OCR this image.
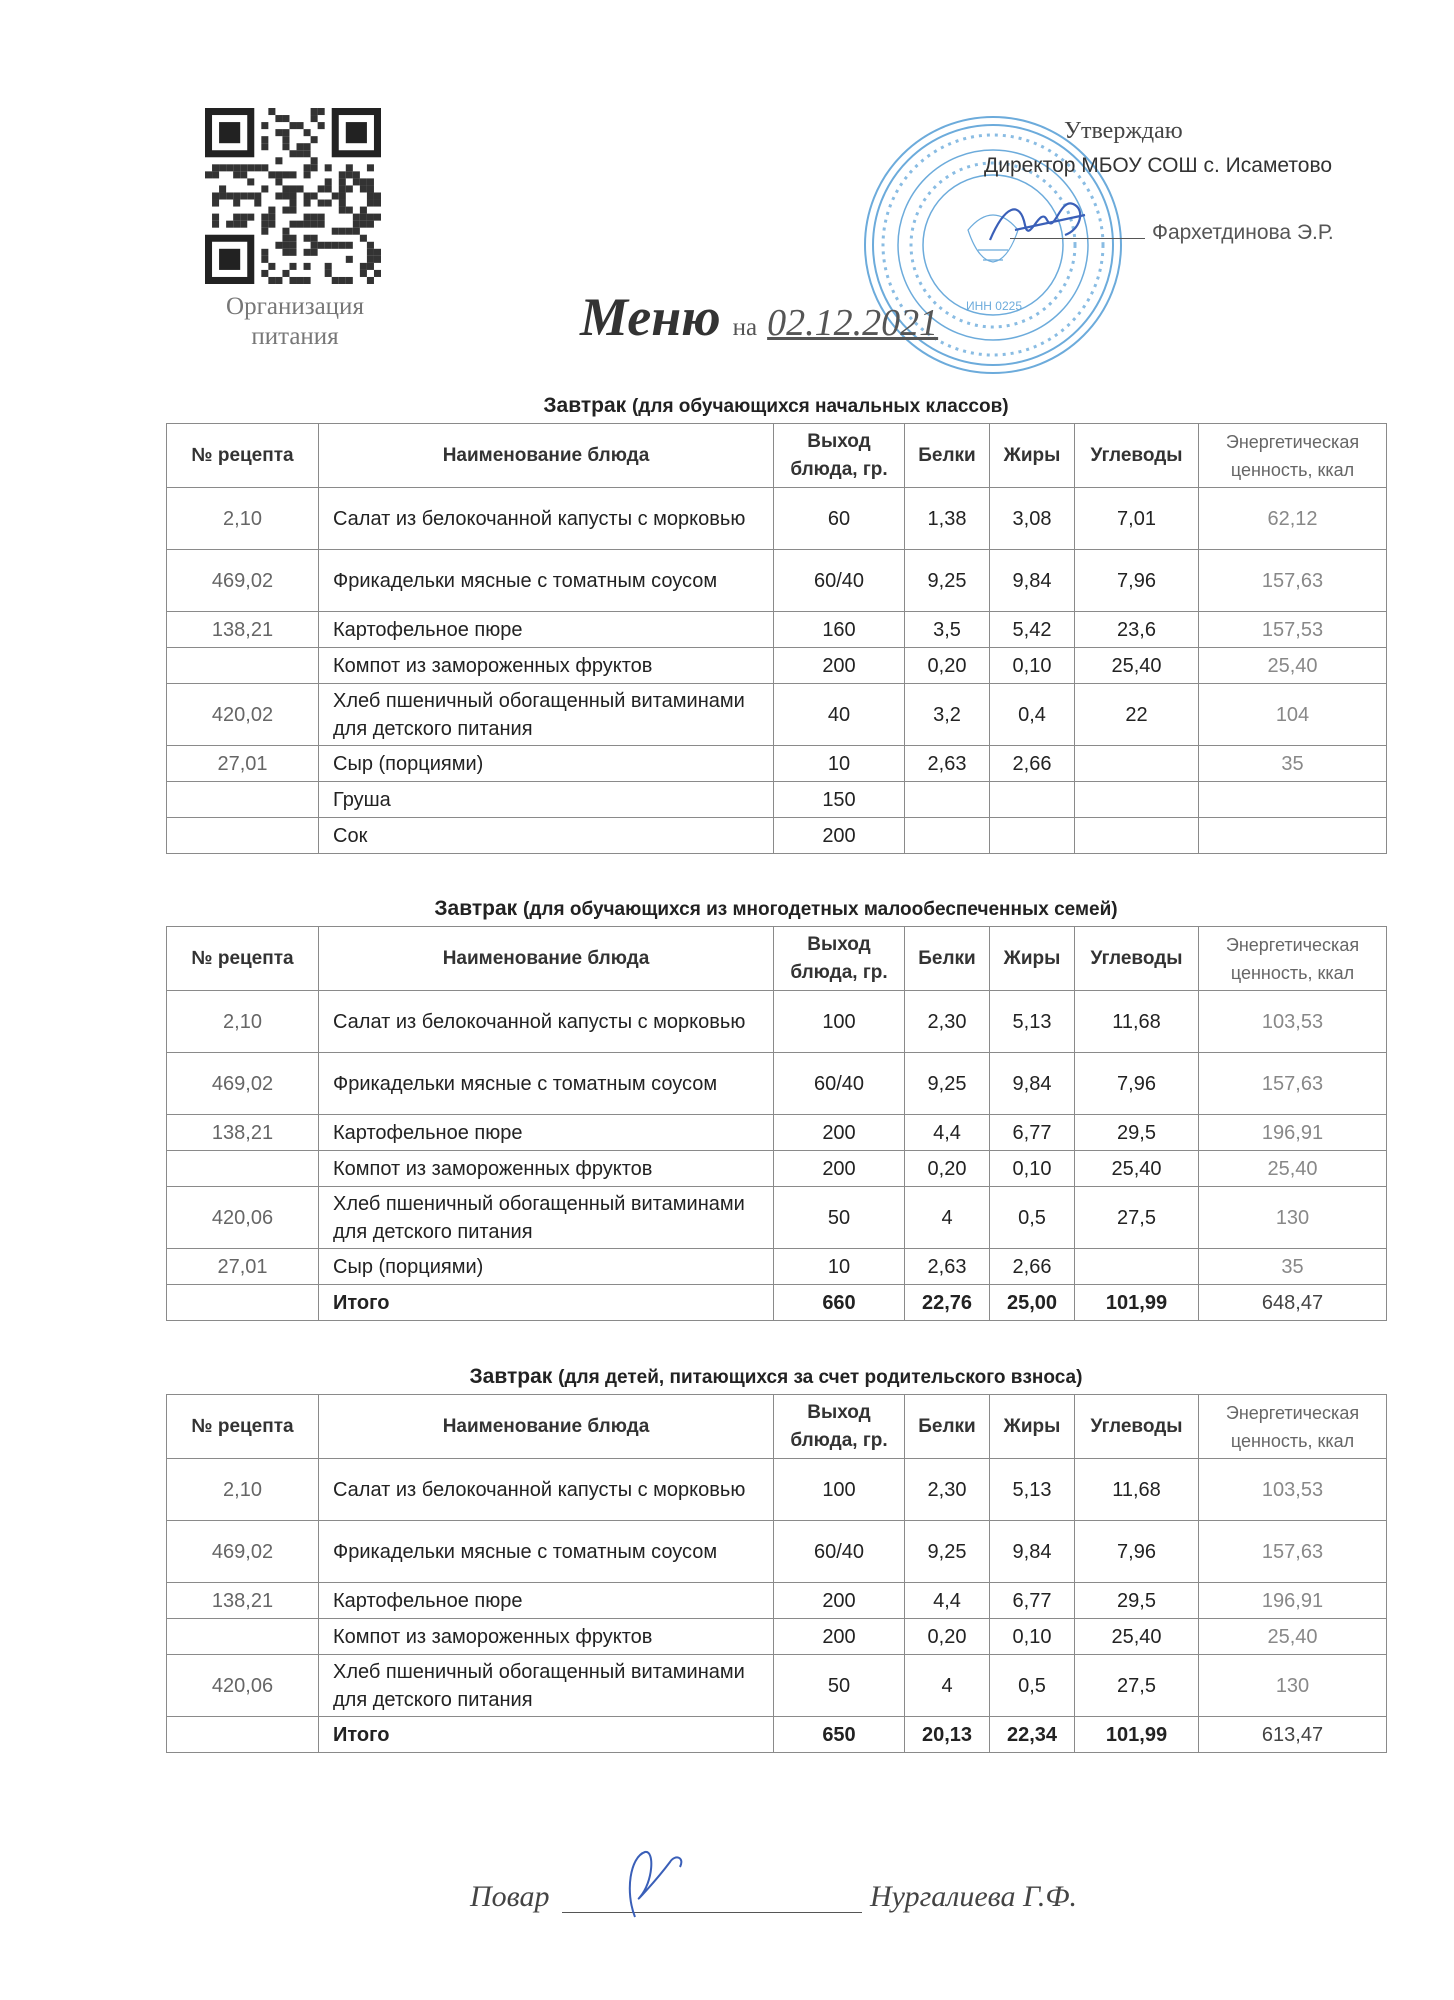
Организация
питания
ИНН 0225
Утверждаю
Директор МБОУ СОШ с. Исаметово
Фархетдинова Э.Р.
Меню на 02.12.2021
Завтрак (для обучающихся начальных классов)
№ рецепта	Наименование блюда	Выход блюда, гр.	Белки	Жиры	Углеводы	Энергетическая ценность, ккал
2,10	Салат из белокочанной капусты с морковью	60	1,38	3,08	7,01	62,12
469,02	Фрикадельки мясные с томатным соусом	60/40	9,25	9,84	7,96	157,63
138,21	Картофельное пюре	160	3,5	5,42	23,6	157,53
	Компот из замороженных фруктов	200	0,20	0,10	25,40	25,40
420,02	Хлеб пшеничный обогащенный витаминами для детского питания	40	3,2	0,4	22	104
27,01	Сыр (порциями)	10	2,63	2,66		35
	Груша	150				
	Сок	200				
Завтрак (для обучающихся из многодетных малообеспеченных семей)
№ рецепта	Наименование блюда	Выход блюда, гр.	Белки	Жиры	Углеводы	Энергетическая ценность, ккал
2,10	Салат из белокочанной капусты с морковью	100	2,30	5,13	11,68	103,53
469,02	Фрикадельки мясные с томатным соусом	60/40	9,25	9,84	7,96	157,63
138,21	Картофельное пюре	200	4,4	6,77	29,5	196,91
	Компот из замороженных фруктов	200	0,20	0,10	25,40	25,40
420,06	Хлеб пшеничный обогащенный витаминами для детского питания	50	4	0,5	27,5	130
27,01	Сыр (порциями)	10	2,63	2,66		35
	Итого	660	22,76	25,00	101,99	648,47
Завтрак (для детей, питающихся за счет родительского взноса)
№ рецепта	Наименование блюда	Выход блюда, гр.	Белки	Жиры	Углеводы	Энергетическая ценность, ккал
2,10	Салат из белокочанной капусты с морковью	100	2,30	5,13	11,68	103,53
469,02	Фрикадельки мясные с томатным соусом	60/40	9,25	9,84	7,96	157,63
138,21	Картофельное пюре	200	4,4	6,77	29,5	196,91
	Компот из замороженных фруктов	200	0,20	0,10	25,40	25,40
420,06	Хлеб пшеничный обогащенный витаминами для детского питания	50	4	0,5	27,5	130
	Итого	650	20,13	22,34	101,99	613,47
Повар	Нургалиева Г.Ф.
